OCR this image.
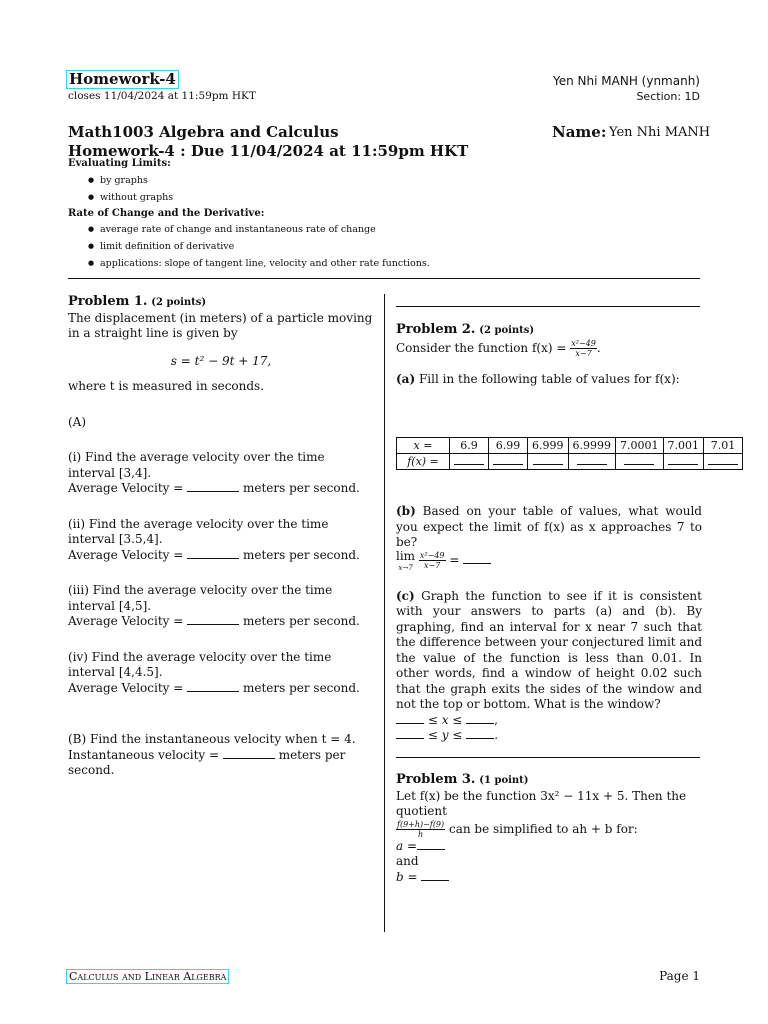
Homework-4
closes 11/04/2024 at 11:59pm HKT
Yen Nhi MANH (ynmanh)
Section: 1D
Math1003 Algebra and Calculus
Homework-4 : Due 11/04/2024 at 11:59pm HKT
Name: Yen Nhi MANH
Evaluating Limits:
● by graphs
● without graphs
Rate of Change and the Derivative:
● average rate of change and instantaneous rate of change
● limit definition of derivative
● applications: slope of tangent line, velocity and other rate functions.

Problem 1. (2 points)

The displacement (in meters) of a particle moving in a straight line is given by

s = t² − 9t + 17,

where t is measured in seconds.

(A)

(i) Find the average velocity over the time interval [3,4].

Average Velocity =	meters per second.

(ii) Find the average velocity over the time interval [3.5,4].

Average Velocity =	meters per second.

(iii) Find the average velocity over the time interval [4,5].

Average Velocity =	meters per second.

(iv) Find the average velocity over the time interval [4,4.5].

Average Velocity =	meters per second.

(B) Find the instantaneous velocity when t = 4.

Instantaneous velocity =	meters per second.

Problem 2. (2 points)

Consider the function $f(x) = \frac{\text{x²−49}}{x-7}$ .

(a) Fill in the following table of values for f(x):

x =	6.9	6.99	6.999	6.9999	7.0001	7.001	7.01
f(x) =							

(b) Based on your table of values, what would you expect the limit of f(x) as x approaches 7 to be?

lim
$x\to 7 \frac{\text{x²−49}}{x-7}$ =

(c) Graph the function to see if it is consistent with your answers to parts (a) and (b). By graphing, find an interval for x near 7 such that the difference between your conjectured limit and the value of the function is less than 0.01. In other words, find a window of height 0.02 such that the graph exits the sides of the window and not the top or bottom. What is the window?

≤ x ≤	,

≤ y ≤	.

Problem 3. (1 point)

Let f(x) be the function 3x² − 11x + 5. Then the quotient

$\frac{f(9+h)-f(9)}{h}$ can be simplified to ah + b for:

a =

and

b =

Calculus and Linear Algebra	Page 1
